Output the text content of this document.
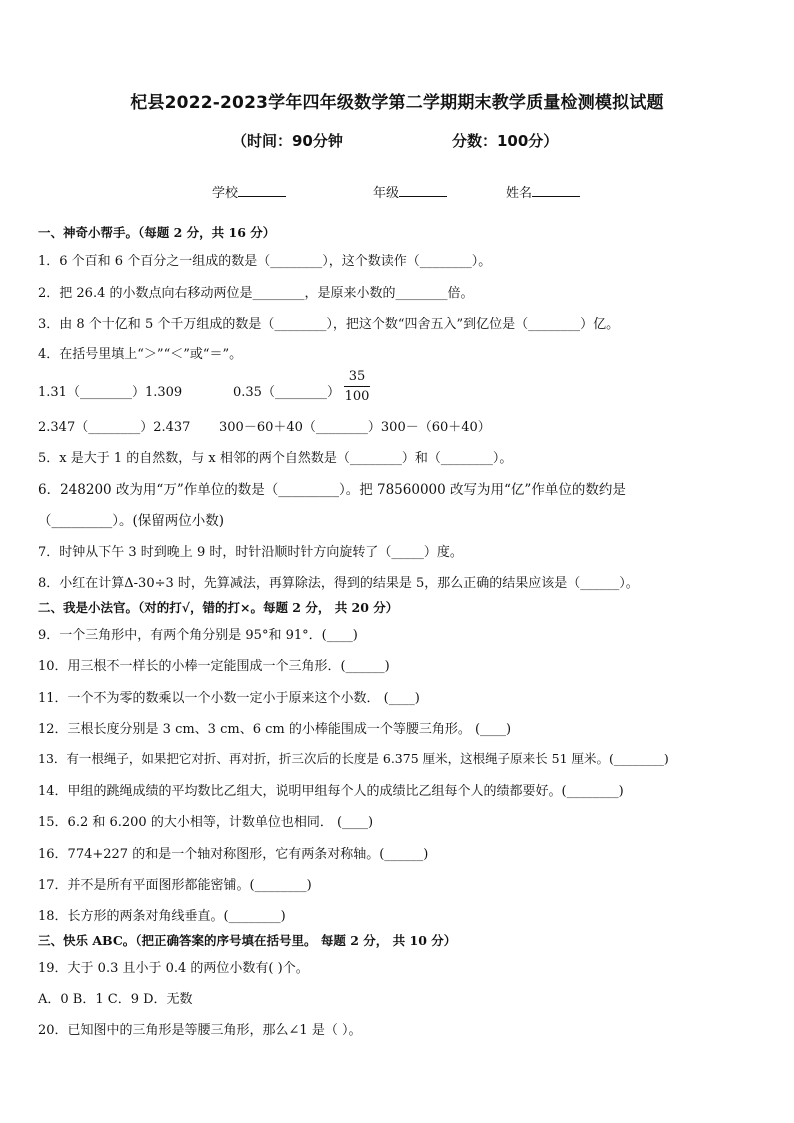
杞县2022-2023学年四年级数学第二学期期末教学质量检测模拟试题
（时间：90分钟	分数：100分）
学校	年级	姓名
一、神奇小帮手。（每题 2 分，共 16 分）
1．6 个百和 6 个百分之一组成的数是（________），这个数读作（________）。
2．把 26.4 的小数点向右移动两位是________，是原来小数的________倍。
3．由 8 个十亿和 5 个千万组成的数是（________），把这个数“四舍五入”到亿位是（________）亿。
4．在括号里填上“＞”“＜”或“＝”。
1.31（________）1.309	0.35（________）
35
100
2.347（________）2.437 300－60＋40（________）300－（60＋40）
5．x 是大于 1 的自然数，与 x 相邻的两个自然数是（________）和（________）。
6．248200 改为用“万”作单位的数是（_________）。把 78560000 改写为用“亿”作单位的数约是
（_________）。(保留两位小数)
7．时钟从下午 3 时到晚上 9 时，时针沿顺时针方向旋转了（_____）度。
8．小红在计算Δ-30÷3 时，先算减法，再算除法，得到的结果是 5，那么正确的结果应该是（______）。
二、我是小法官。（对的打√，错的打×。每题 2 分， 共 20 分）
9．一个三角形中，有两个角分别是 95°和 91°．(____)
10．用三根不一样长的小棒一定能围成一个三角形．(______)
11．一个不为零的数乘以一个小数一定小于原来这个小数． (____)
12．三根长度分别是 3 cm、3 cm、6 cm 的小棒能围成一个等腰三角形。 (____)
13．有一根绳子，如果把它对折、再对折，折三次后的长度是 6.375 厘米，这根绳子原来长 51 厘米。(________)
14．甲组的跳绳成绩的平均数比乙组大，说明甲组每个人的成绩比乙组每个人的绩都要好。(________)
15．6.2 和 6.200 的大小相等，计数单位也相同． (____)
16．774+227 的和是一个轴对称图形，它有两条对称轴。(______)
17．并不是所有平面图形都能密铺。(________)
18．长方形的两条对角线垂直。(________)
三、快乐 ABC。（把正确答案的序号填在括号里。 每题 2 分， 共 10 分）
19．大于 0.3 且小于 0.4 的两位小数有( )个。
A．0 B．1 C．9 D．无数
20．已知图中的三角形是等腰三角形，那么∠1 是（ ）。
